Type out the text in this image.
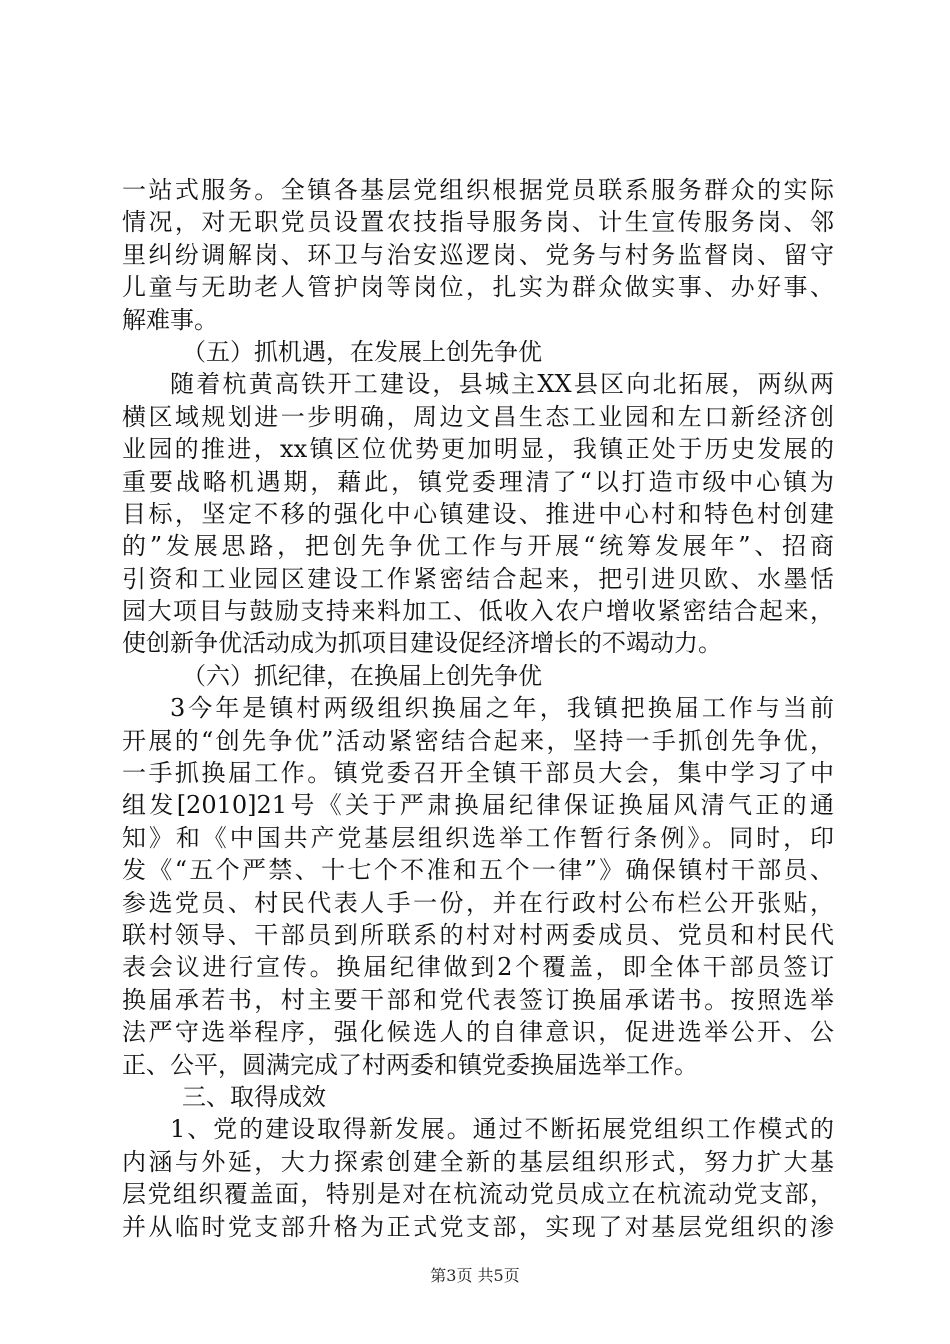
一站式服务。全镇各基层党组织根据党员联系服务群众的实际
情况，对无职党员设置农技指导服务岗、计生宣传服务岗、邻
里纠纷调解岗、环卫与治安巡逻岗、党务与村务监督岗、留守
儿童与无助老人管护岗等岗位，扎实为群众做实事、办好事、
解难事。
（五）抓机遇，在发展上创先争优
随着杭黄高铁开工建设，县城主XX县区向北拓展，两纵两
横区域规划进一步明确，周边文昌生态工业园和左口新经济创
业园的推进，xx镇区位优势更加明显，我镇正处于历史发展的
重要战略机遇期，藉此，镇党委理清了“以打造市级中心镇为
目标，坚定不移的强化中心镇建设、推进中心村和特色村创建
的”发展思路，把创先争优工作与开展“统筹发展年”、招商
引资和工业园区建设工作紧密结合起来，把引进贝欧、水墨恬
园大项目与鼓励支持来料加工、低收入农户增收紧密结合起来，
使创新争优活动成为抓项目建设促经济增长的不竭动力。
（六）抓纪律，在换届上创先争优
3今年是镇村两级组织换届之年，我镇把换届工作与当前
开展的“创先争优”活动紧密结合起来，坚持一手抓创先争优，
一手抓换届工作。镇党委召开全镇干部员大会，集中学习了中
组发[2010]21号《关于严肃换届纪律保证换届风清气正的通
知》和《中国共产党基层组织选举工作暂行条例》。同时，印
发《“五个严禁、十七个不准和五个一律”》确保镇村干部员、
参选党员、村民代表人手一份，并在行政村公布栏公开张贴，
联村领导、干部员到所联系的村对村两委成员、党员和村民代
表会议进行宣传。换届纪律做到2个覆盖，即全体干部员签订
换届承若书，村主要干部和党代表签订换届承诺书。按照选举
法严守选举程序，强化候选人的自律意识，促进选举公开、公
正、公平，圆满完成了村两委和镇党委换届选举工作。
三、取得成效
1、党的建设取得新发展。通过不断拓展党组织工作模式的
内涵与外延，大力探索创建全新的基层组织形式，努力扩大基
层党组织覆盖面，特别是对在杭流动党员成立在杭流动党支部，
并从临时党支部升格为正式党支部，实现了对基层党组织的渗
第3页 共5页
